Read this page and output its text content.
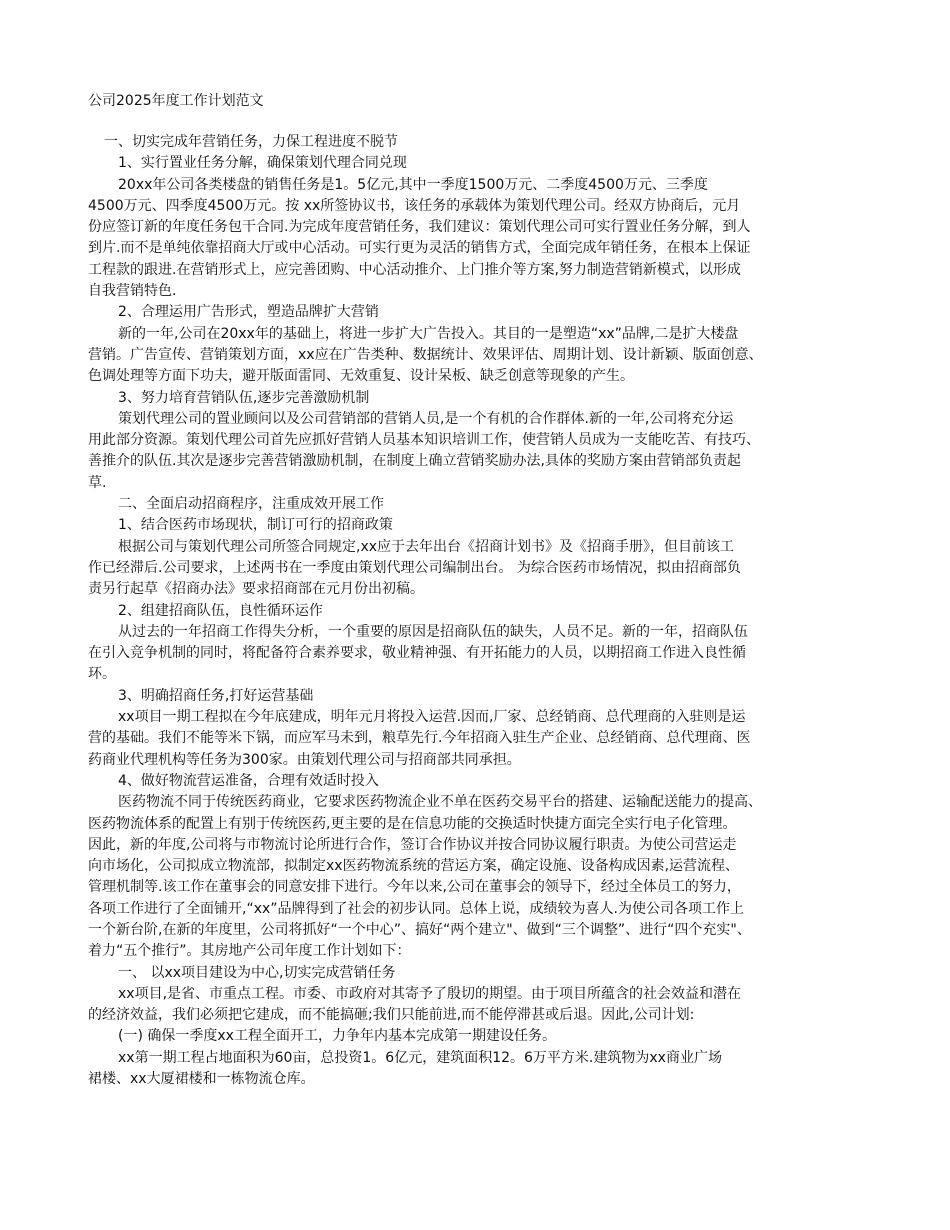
公司2025年度工作计划范文
一、切实完成年营销任务，力保工程进度不脱节
1、实行置业任务分解，确保策划代理合同兑现
20xx年公司各类楼盘的销售任务是1。5亿元,其中一季度1500万元、二季度4500万元、三季度
4500万元、四季度4500万元。按 xx所签协议书，该任务的承载体为策划代理公司。经双方协商后，元月
份应签订新的年度任务包干合同.为完成年度营销任务，我们建议：策划代理公司可实行置业任务分解，到人
到片.而不是单纯依靠招商大厅或中心活动。可实行更为灵活的销售方式，全面完成年销任务，在根本上保证
工程款的跟进.在营销形式上，应完善团购、中心活动推介、上门推介等方案,努力制造营销新模式，以形成
自我营销特色.
2、合理运用广告形式，塑造品牌扩大营销
新的一年,公司在20xx年的基础上，将进一步扩大广告投入。其目的一是塑造“xx”品牌,二是扩大楼盘
营销。广告宣传、营销策划方面，xx应在广告类种、数据统计、效果评估、周期计划、设计新颖、版面创意、
色调处理等方面下功夫，避开版面雷同、无效重复、设计呆板、缺乏创意等现象的产生。
3、努力培育营销队伍,逐步完善激励机制
策划代理公司的置业顾问以及公司营销部的营销人员,是一个有机的合作群体.新的一年,公司将充分运
用此部分资源。策划代理公司首先应抓好营销人员基本知识培训工作，使营销人员成为一支能吃苦、有技巧、
善推介的队伍.其次是逐步完善营销激励机制，在制度上确立营销奖励办法,具体的奖励方案由营销部负责起
草.
二、全面启动招商程序，注重成效开展工作
1、结合医药市场现状，制订可行的招商政策
根据公司与策划代理公司所签合同规定,xx应于去年出台《招商计划书》及《招商手册》，但目前该工
作已经滞后.公司要求，上述两书在一季度由策划代理公司编制出台。 为综合医药市场情况，拟由招商部负
责另行起草《招商办法》要求招商部在元月份出初稿。
2、组建招商队伍，良性循环运作
从过去的一年招商工作得失分析，一个重要的原因是招商队伍的缺失，人员不足。新的一年，招商队伍
在引入竞争机制的同时，将配备符合素养要求，敬业精神强、有开拓能力的人员，以期招商工作进入良性循
环。
3、明确招商任务,打好运营基础
xx项目一期工程拟在今年底建成，明年元月将投入运营.因而,厂家、总经销商、总代理商的入驻则是运
营的基础。我们不能等米下锅，而应军马未到，粮草先行.今年招商入驻生产企业、总经销商、总代理商、医
药商业代理机构等任务为300家。由策划代理公司与招商部共同承担。
4、做好物流营运准备，合理有效适时投入
医药物流不同于传统医药商业，它要求医药物流企业不单在医药交易平台的搭建、运输配送能力的提高、
医药物流体系的配置上有别于传统医药,更主要的是在信息功能的交换适时快捷方面完全实行电子化管理。
因此，新的年度,公司将与市物流讨论所进行合作，签订合作协议并按合同协议履行职责。为使公司营运走
向市场化，公司拟成立物流部，拟制定xx医药物流系统的营运方案，确定设施、设备构成因素,运营流程、
管理机制等.该工作在董事会的同意安排下进行。今年以来,公司在董事会的领导下，经过全体员工的努力，
各项工作进行了全面铺开,“xx”品牌得到了社会的初步认同。总体上说，成绩较为喜人.为使公司各项工作上
一个新台阶,在新的年度里，公司将抓好“一个中心”、搞好“两个建立"、做到“三个调整”、进行“四个充实"、
着力“五个推行”。其房地产公司年度工作计划如下：
一、 以xx项目建设为中心,切实完成营销任务
xx项目,是省、市重点工程。市委、市政府对其寄予了殷切的期望。由于项目所蕴含的社会效益和潜在
的经济效益，我们必须把它建成，而不能搞砸;我们只能前进,而不能停滞甚或后退。因此,公司计划:
(一) 确保一季度xx工程全面开工，力争年内基本完成第一期建设任务。
xx第一期工程占地面积为60亩，总投资1。6亿元，建筑面积12。6万平方米.建筑物为xx商业广场
裙楼、xx大厦裙楼和一栋物流仓库。
